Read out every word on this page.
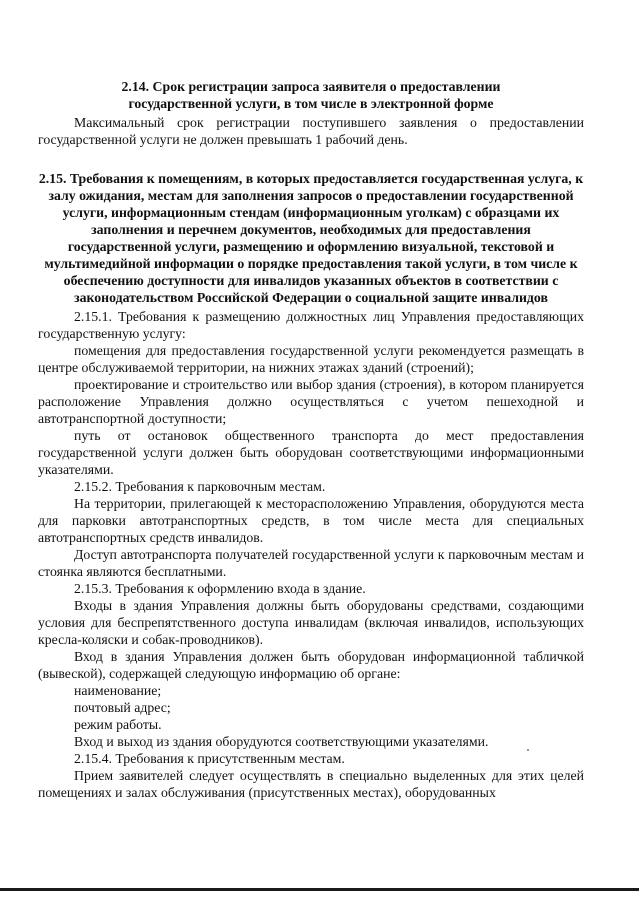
2.14. Срок регистрации запроса заявителя о предоставлении
государственной услуги, в том числе в электронной форме

Максимальный срок регистрации поступившего заявления о предоставлении государственной услуги не должен превышать 1 рабочий день.

2.15. Требования к помещениям, в которых предоставляется государственная услуга, к залу ожидания, местам для заполнения запросов о предоставлении государственной услуги, информационным стендам (информационным уголкам) с образцами их заполнения и перечнем документов, необходимых для предоставления государственной услуги, размещению и оформлению визуальной, текстовой и мультимедийной информации о порядке предоставления такой услуги, в том числе к обеспечению доступности для инвалидов указанных объектов в соответствии с законодательством Российской Федерации о социальной защите инвалидов

2.15.1. Требования к размещению должностных лиц Управления предоставляющих государственную услугу:

помещения для предоставления государственной услуги рекомендуется размещать в центре обслуживаемой территории, на нижних этажах зданий (строений);

проектирование и строительство или выбор здания (строения), в котором планируется расположение Управления должно осуществляться с учетом пешеходной и автотранспортной доступности;

путь от остановок общественного транспорта до мест предоставления государственной услуги должен быть оборудован соответствующими информационными указателями.

2.15.2. Требования к парковочным местам.

На территории, прилегающей к месторасположению Управления, оборудуются места для парковки автотранспортных средств, в том числе места для специальных автотранспортных средств инвалидов.

Доступ автотранспорта получателей государственной услуги к парковочным местам и стоянка являются бесплатными.

2.15.3. Требования к оформлению входа в здание.

Входы в здания Управления должны быть оборудованы средствами, создающими условия для беспрепятственного доступа инвалидам (включая инвалидов, использующих кресла-коляски и собак-проводников).

Вход в здания Управления должен быть оборудован информационной табличкой (вывеской), содержащей следующую информацию об органе:

наименование;

почтовый адрес;

режим работы.

Вход и выход из здания оборудуются соответствующими указателями.

2.15.4. Требования к присутственным местам.

Прием заявителей следует осуществлять в специально выделенных для этих целей помещениях и залах обслуживания (присутственных местах), оборудованных
